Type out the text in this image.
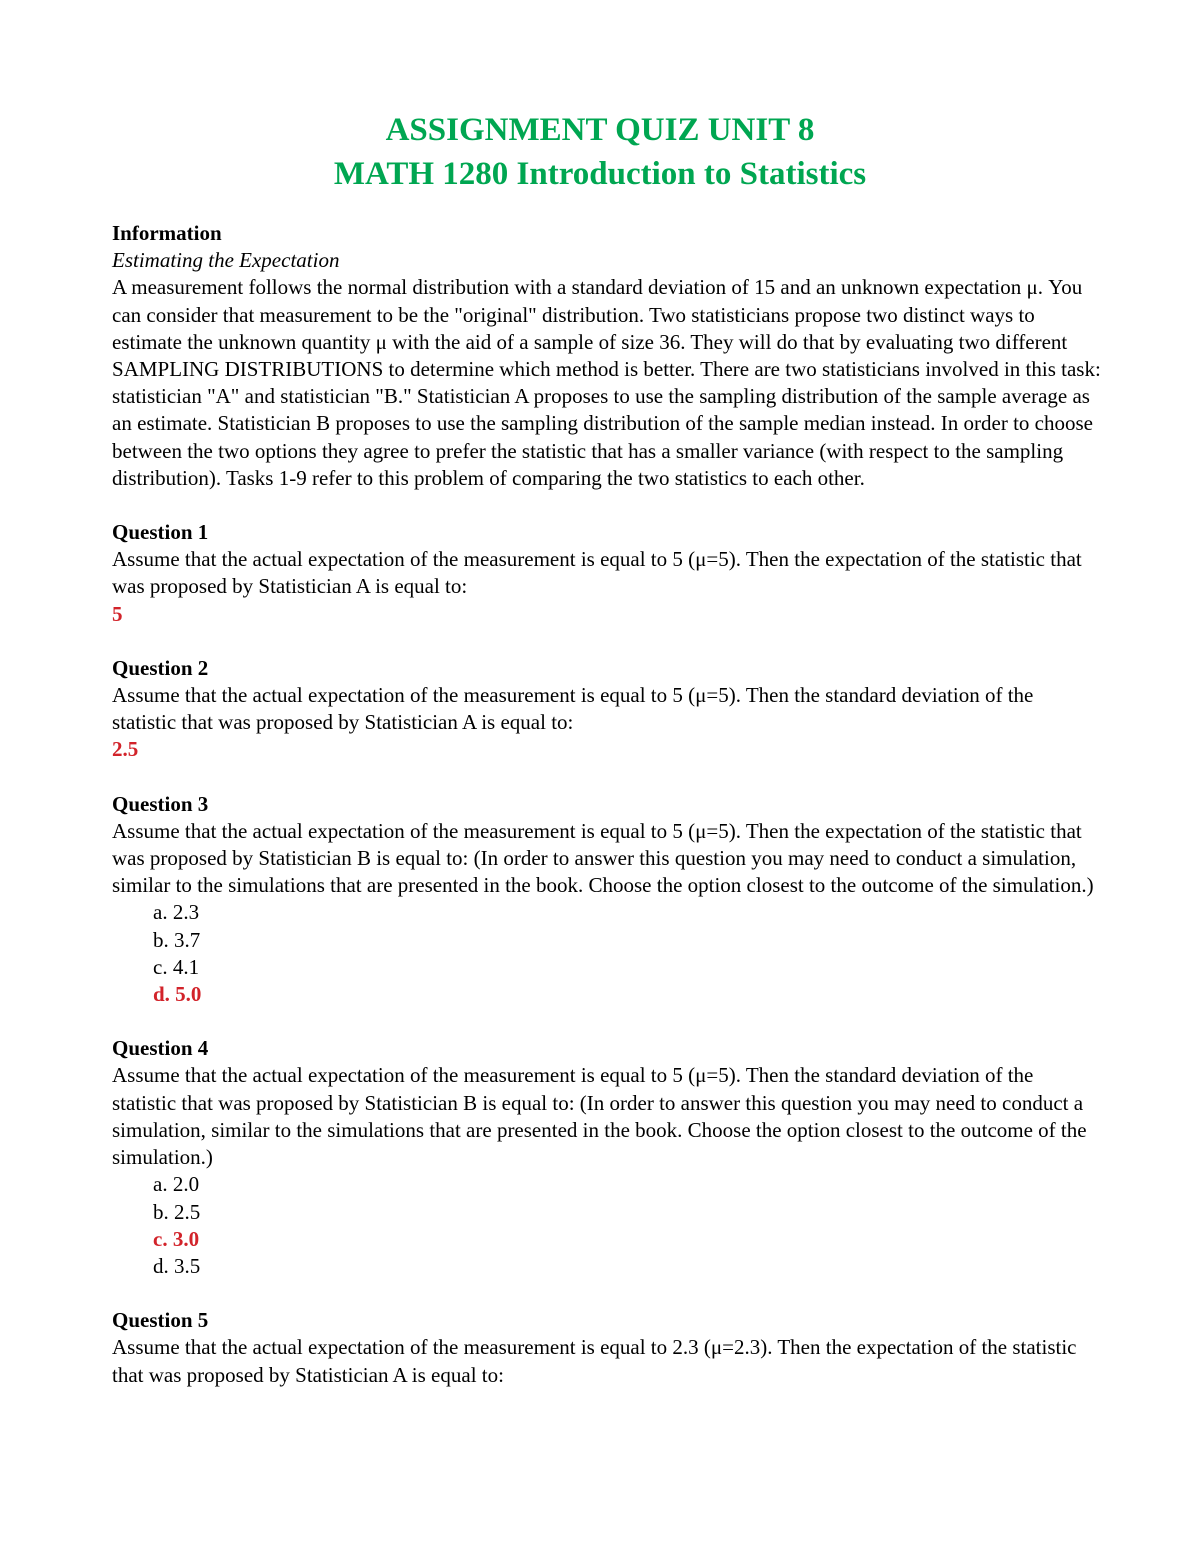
ASSIGNMENT QUIZ UNIT 8

MATH 1280 Introduction to Statistics

Information

Estimating the Expectation

A measurement follows the normal distribution with a standard deviation of 15 and an unknown expectation μ. You can consider that measurement to be the "original" distribution. Two statisticians propose two distinct ways to estimate the unknown quantity μ with the aid of a sample of size 36. They will do that by evaluating two different SAMPLING DISTRIBUTIONS to determine which method is better. There are two statisticians involved in this task: statistician "A" and statistician "B." Statistician A proposes to use the sampling distribution of the sample average as an estimate. Statistician B proposes to use the sampling distribution of the sample median instead. In order to choose between the two options they agree to prefer the statistic that has a smaller variance (with respect to the sampling distribution). Tasks 1-9 refer to this problem of comparing the two statistics to each other.

Question 1

Assume that the actual expectation of the measurement is equal to 5 (μ=5). Then the expectation of the statistic that was proposed by Statistician A is equal to:

5

Question 2

Assume that the actual expectation of the measurement is equal to 5 (μ=5). Then the standard deviation of the statistic that was proposed by Statistician A is equal to:

2.5

Question 3

Assume that the actual expectation of the measurement is equal to 5 (μ=5). Then the expectation of the statistic that was proposed by Statistician B is equal to: (In order to answer this question you may need to conduct a simulation, similar to the simulations that are presented in the book. Choose the option closest to the outcome of the simulation.)

a. 2.3
b. 3.7
c. 4.1
d. 5.0

Question 4

Assume that the actual expectation of the measurement is equal to 5 (μ=5). Then the standard deviation of the statistic that was proposed by Statistician B is equal to: (In order to answer this question you may need to conduct a simulation, similar to the simulations that are presented in the book. Choose the option closest to the outcome of the simulation.)

a. 2.0
b. 2.5
c. 3.0
d. 3.5

Question 5

Assume that the actual expectation of the measurement is equal to 2.3 (μ=2.3). Then the expectation of the statistic that was proposed by Statistician A is equal to:
